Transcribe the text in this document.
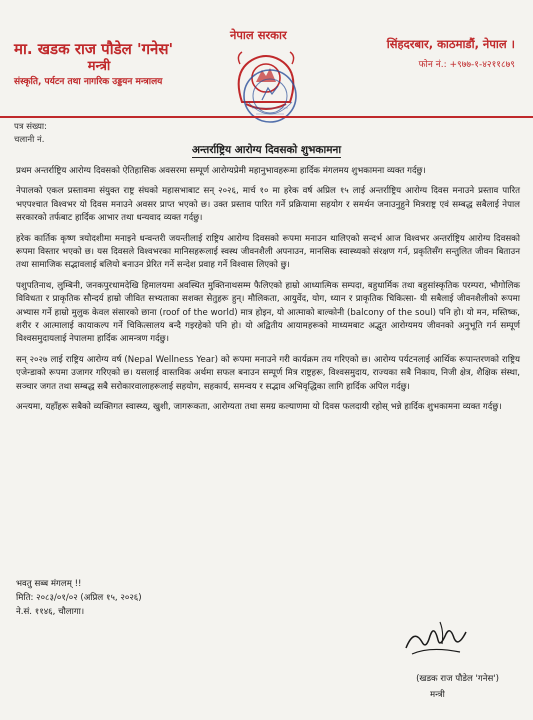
मा. खडक राज पौडेल 'गनेस'
मन्त्री
संस्कृति, पर्यटन तथा नागरिक उड्डयन मन्त्रालय
नेपाल सरकार
सिंहदरबार, काठमाडौं, नेपाल ।
फोन नं.: +९७७-१-४२११८७९
पत्र संख्या:
चलानी नं.
अन्तर्राष्ट्रिय आरोग्य दिवसको शुभकामना

प्रथम अन्तर्राष्ट्रिय आरोग्य दिवसको ऐतिहासिक अवसरमा सम्पूर्ण आरोग्यप्रेमी महानुभावहरूमा हार्दिक मंगलमय शुभकामना व्यक्त गर्दछु।

नेपालको एकल प्रस्तावमा संयुक्त राष्ट्र संघको महासभाबाट सन् २०२६, मार्च १० मा हरेक वर्ष अप्रिल १५ लाई अन्तर्राष्ट्रिय आरोग्य दिवस मनाउने प्रस्ताव पारित भएपश्चात विश्वभर यो दिवस मनाउने अवसर प्राप्त भएको छ। उक्त प्रस्ताव पारित गर्ने प्रक्रियामा सहयोग र समर्थन जनाउनुहुने मित्रराष्ट्र एवं सम्बद्ध सबैलाई नेपाल सरकारको तर्फबाट हार्दिक आभार तथा धन्यवाद व्यक्त गर्दछु।

हरेक कार्तिक कृष्ण त्रयोदशीमा मनाइने धन्वन्तरी जयन्तीलाई राष्ट्रिय आरोग्य दिवसको रूपमा मनाउन थालिएको सन्दर्भ आज विश्वभर अन्तर्राष्ट्रिय आरोग्य दिवसको रूपमा विस्तार भएको छ। यस दिवसले विश्वभरका मानिसहरूलाई स्वस्थ जीवनशैली अपनाउन, मानसिक स्वास्थ्यको संरक्षण गर्न, प्रकृतिसँग सन्तुलित जीवन बिताउन तथा सामाजिक सद्भावलाई बलियो बनाउन प्रेरित गर्ने सन्देश प्रवाह गर्ने विश्वास लिएको छु।

पशुपतिनाथ, लुम्बिनी, जनकपुरधामदेखि हिमालयमा अवस्थित मुक्तिनाथसम्म फैलिएको हाम्रो आध्यात्मिक सम्पदा, बहुधार्मिक तथा बहुसांस्कृतिक परम्परा, भौगोलिक विविधता र प्राकृतिक सौन्दर्य हाम्रो जीवित सभ्यताका सशक्त सेतुहरू हुन्। मौलिकता, आयुर्वेद, योग, ध्यान र प्राकृतिक चिकित्सा- यी सबैलाई जीवनशैलीको रूपमा अभ्यास गर्ने हाम्रो मुलुक केवल संसारको छाना (roof of the world) मात्र होइन, यो आत्माको बाल्कोनी (balcony of the soul) पनि हो। यो मन, मस्तिष्क, शरीर र आत्मालाई कायाकल्प गर्ने चिकित्सालय बन्दै गइरहेको पनि हो। यो अद्वितीय आयामहरूको माध्यमबाट अद्भुत आरोग्यमय जीवनको अनुभूति गर्न सम्पूर्ण विश्वसमुदायलाई नेपालमा हार्दिक आमन्त्रण गर्दछु।

सन् २०२७ लाई राष्ट्रिय आरोग्य वर्ष (Nepal Wellness Year) को रूपमा मनाउने गरी कार्यक्रम तय गरिएको छ। आरोग्य पर्यटनलाई आर्थिक रूपान्तरणको राष्ट्रिय एजेन्डाको रूपमा उजागर गरिएको छ। यसलाई वास्तविक अर्थमा सफल बनाउन सम्पूर्ण मित्र राष्ट्रहरू, विश्वसमुदाय, राज्यका सबै निकाय, निजी क्षेत्र, शैक्षिक संस्था, सञ्चार जगत तथा सम्बद्ध सबै सरोकारवालाहरूलाई सहयोग, सहकार्य, समन्वय र सद्भाव अभिवृद्धिका लागि हार्दिक अपिल गर्दछु।

अन्त्यमा, यहाँहरू सबैको व्यक्तिगत स्वास्थ्य, खुशी, जागरूकता, आरोग्यता तथा समग्र कल्याणमा यो दिवस फलदायी रहोस् भन्ने हार्दिक शुभकामना व्यक्त गर्दछु।

भवतु सब्ब मंगलम् !!
मिति: २०८३/०१/०२ (अप्रिल १५, २०२६)
ने.सं. ११४६, चौलागा।
(खडक राज पौडेल 'गनेस')
मन्त्री
